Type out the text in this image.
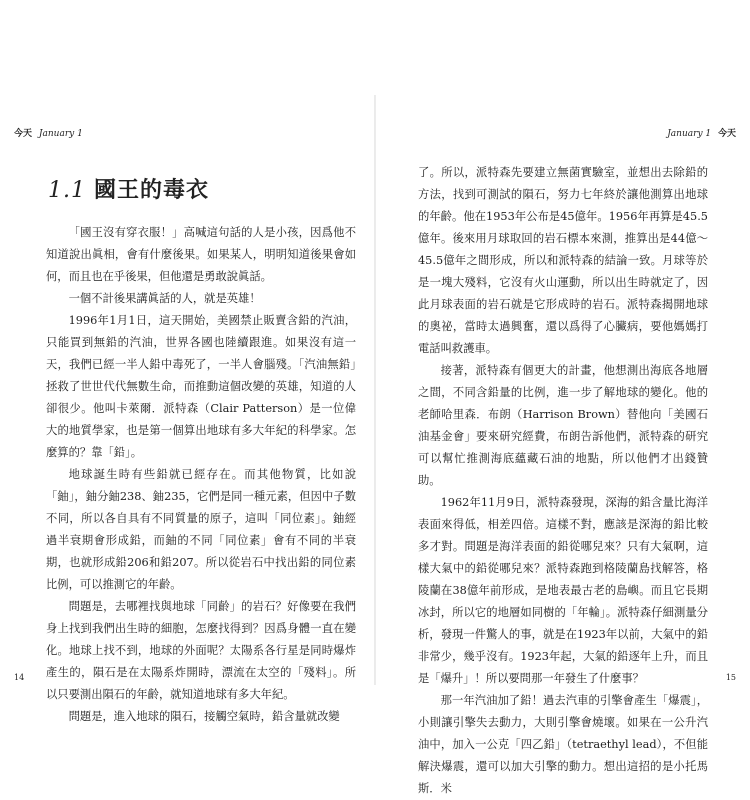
今天 January 1
1.1 國王的毒衣

「國王沒有穿衣服！」高喊這句話的人是小孩，因爲他不知道說出眞相，會有什麼後果。如果某人，明明知道後果會如何，而且也在乎後果，但他還是勇敢說眞話。

一個不計後果講眞話的人，就是英雄！

1996年1月1日，這天開始，美國禁止販賣含鉛的汽油，只能買到無鉛的汽油，世界各國也陸續跟進。如果沒有這一天，我們已經一半人鉛中毒死了，一半人會腦殘。「汽油無鉛」拯救了世世代代無數生命，而推動這個改變的英雄，知道的人卻很少。他叫卡萊爾．派特森（Clair Patterson）是一位偉大的地質學家，也是第一個算出地球有多大年紀的科學家。怎麼算的？靠「鉛」。

地球誕生時有些鉛就已經存在。而其他物質，比如說「鈾」，鈾分鈾238、鈾235，它們是同一種元素，但因中子數不同，所以各自具有不同質量的原子，這叫「同位素」。鈾經過半衰期會形成鉛，而鈾的不同「同位素」會有不同的半衰期，也就形成鉛206和鉛207。所以從岩石中找出鉛的同位素比例，可以推測它的年齡。

問題是，去哪裡找與地球「同齡」的岩石？好像要在我們身上找到我們出生時的細胞，怎麼找得到？因爲身體一直在變化。地球上找不到，地球的外面呢？太陽系各行星是同時爆炸產生的，隕石是在太陽系炸開時，漂流在太空的「殘料」。所以只要測出隕石的年齡，就知道地球有多大年紀。

問題是，進入地球的隕石，接觸空氣時，鉛含量就改變

14
January 1 今天

了。所以，派特森先要建立無菌實驗室，並想出去除鉛的方法，找到可測試的隕石，努力七年終於讓他測算出地球的年齡。他在1953年公布是45億年。1956年再算是45.5億年。後來用月球取回的岩石標本來測，推算出是44億～45.5億年之間形成，所以和派特森的結論一致。月球等於是一塊大殘料，它沒有火山運動，所以出生時就定了，因此月球表面的岩石就是它形成時的岩石。派特森揭開地球的奧祕，當時太過興奮，還以爲得了心臟病，要他媽媽打電話叫救護車。

接著，派特森有個更大的計畫，他想測出海底各地層之間，不同含鉛量的比例，進一步了解地球的變化。他的老師哈里森．布朗（Harrison Brown）替他向「美國石油基金會」要來研究經費，布朗告訴他們，派特森的研究可以幫忙推測海底蘊藏石油的地點，所以他們才出錢贊助。

1962年11月9日，派特森發現，深海的鉛含量比海洋表面來得低，相差四倍。這樣不對，應該是深海的鉛比較多才對。問題是海洋表面的鉛從哪兒來？只有大氣啊，這樣大氣中的鉛從哪兒來？派特森跑到格陵蘭島找解答，格陵蘭在38億年前形成，是地表最古老的島嶼。而且它長期冰封，所以它的地層如同樹的「年輪」。派特森仔細測量分析，發現一件驚人的事，就是在1923年以前，大氣中的鉛非常少，幾乎沒有。1923年起，大氣的鉛逐年上升，而且是「爆升」！所以要問那一年發生了什麼事？

那一年汽油加了鉛！過去汽車的引擎會產生「爆震」，小則讓引擎失去動力，大則引擎會燒壞。如果在一公升汽油中，加入一公克「四乙鉛」（tetraethyl lead），不但能解決爆震，還可以加大引擎的動力。想出這招的是小托馬斯．米

15
